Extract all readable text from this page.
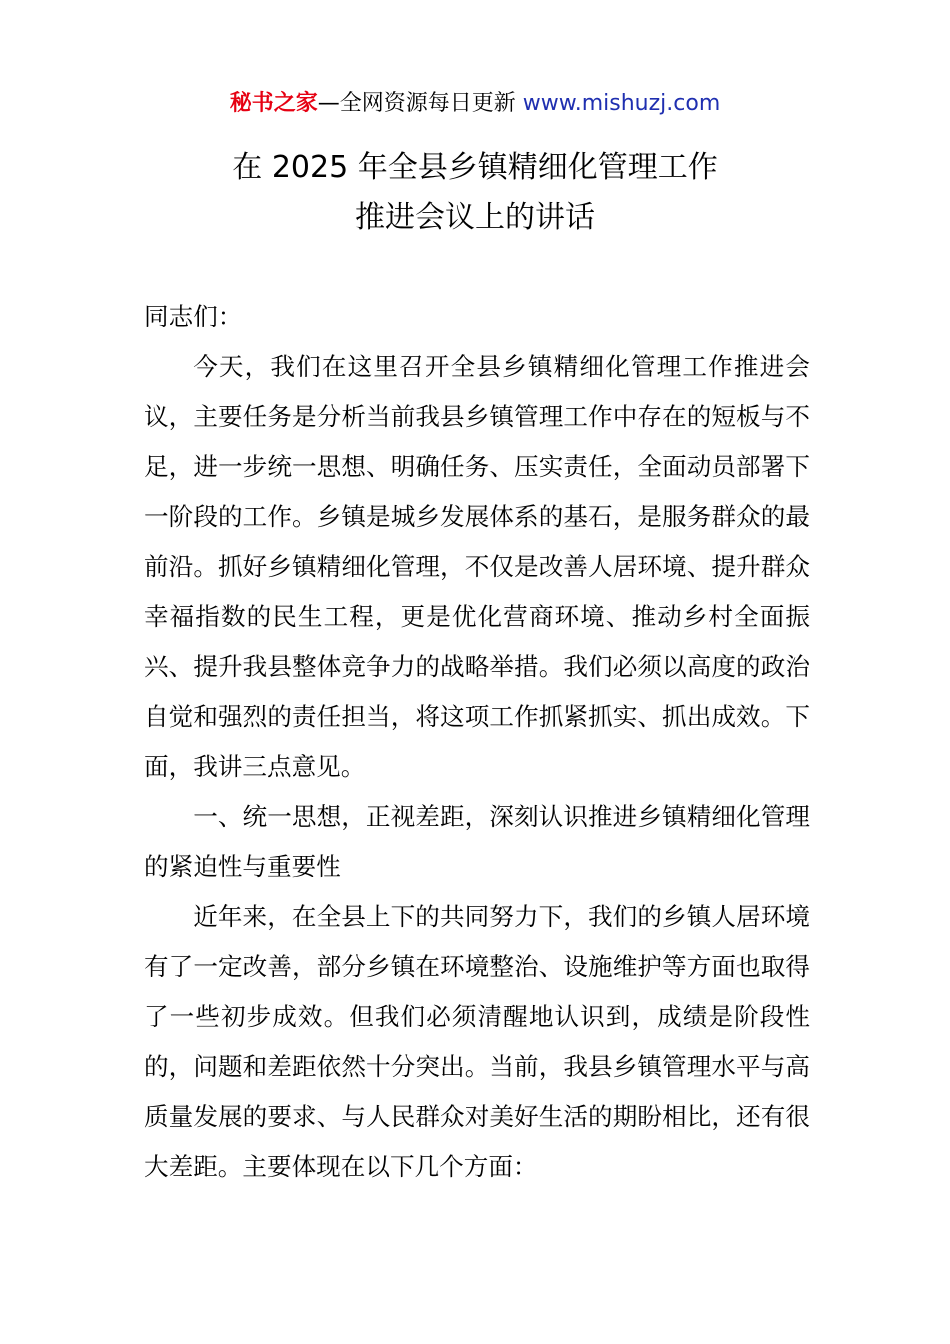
秘书之家—全网资源每日更新 www.mishuzj.com
在 2025 年全县乡镇精细化管理工作
推进会议上的讲话

同志们：

今天，我们在这里召开全县乡镇精细化管理工作推进会议，主要任务是分析当前我县乡镇管理工作中存在的短板与不足，进一步统一思想、明确任务、压实责任，全面动员部署下一阶段的工作。乡镇是城乡发展体系的基石，是服务群众的最前沿。抓好乡镇精细化管理，不仅是改善人居环境、提升群众幸福指数的民生工程，更是优化营商环境、推动乡村全面振兴、提升我县整体竞争力的战略举措。我们必须以高度的政治自觉和强烈的责任担当，将这项工作抓紧抓实、抓出成效。下面，我讲三点意见。

一、统一思想，正视差距，深刻认识推进乡镇精细化管理的紧迫性与重要性

近年来，在全县上下的共同努力下，我们的乡镇人居环境有了一定改善，部分乡镇在环境整治、设施维护等方面也取得了一些初步成效。但我们必须清醒地认识到，成绩是阶段性的，问题和差距依然十分突出。当前，我县乡镇管理水平与高质量发展的要求、与人民群众对美好生活的期盼相比，还有很大差距。主要体现在以下几个方面：
